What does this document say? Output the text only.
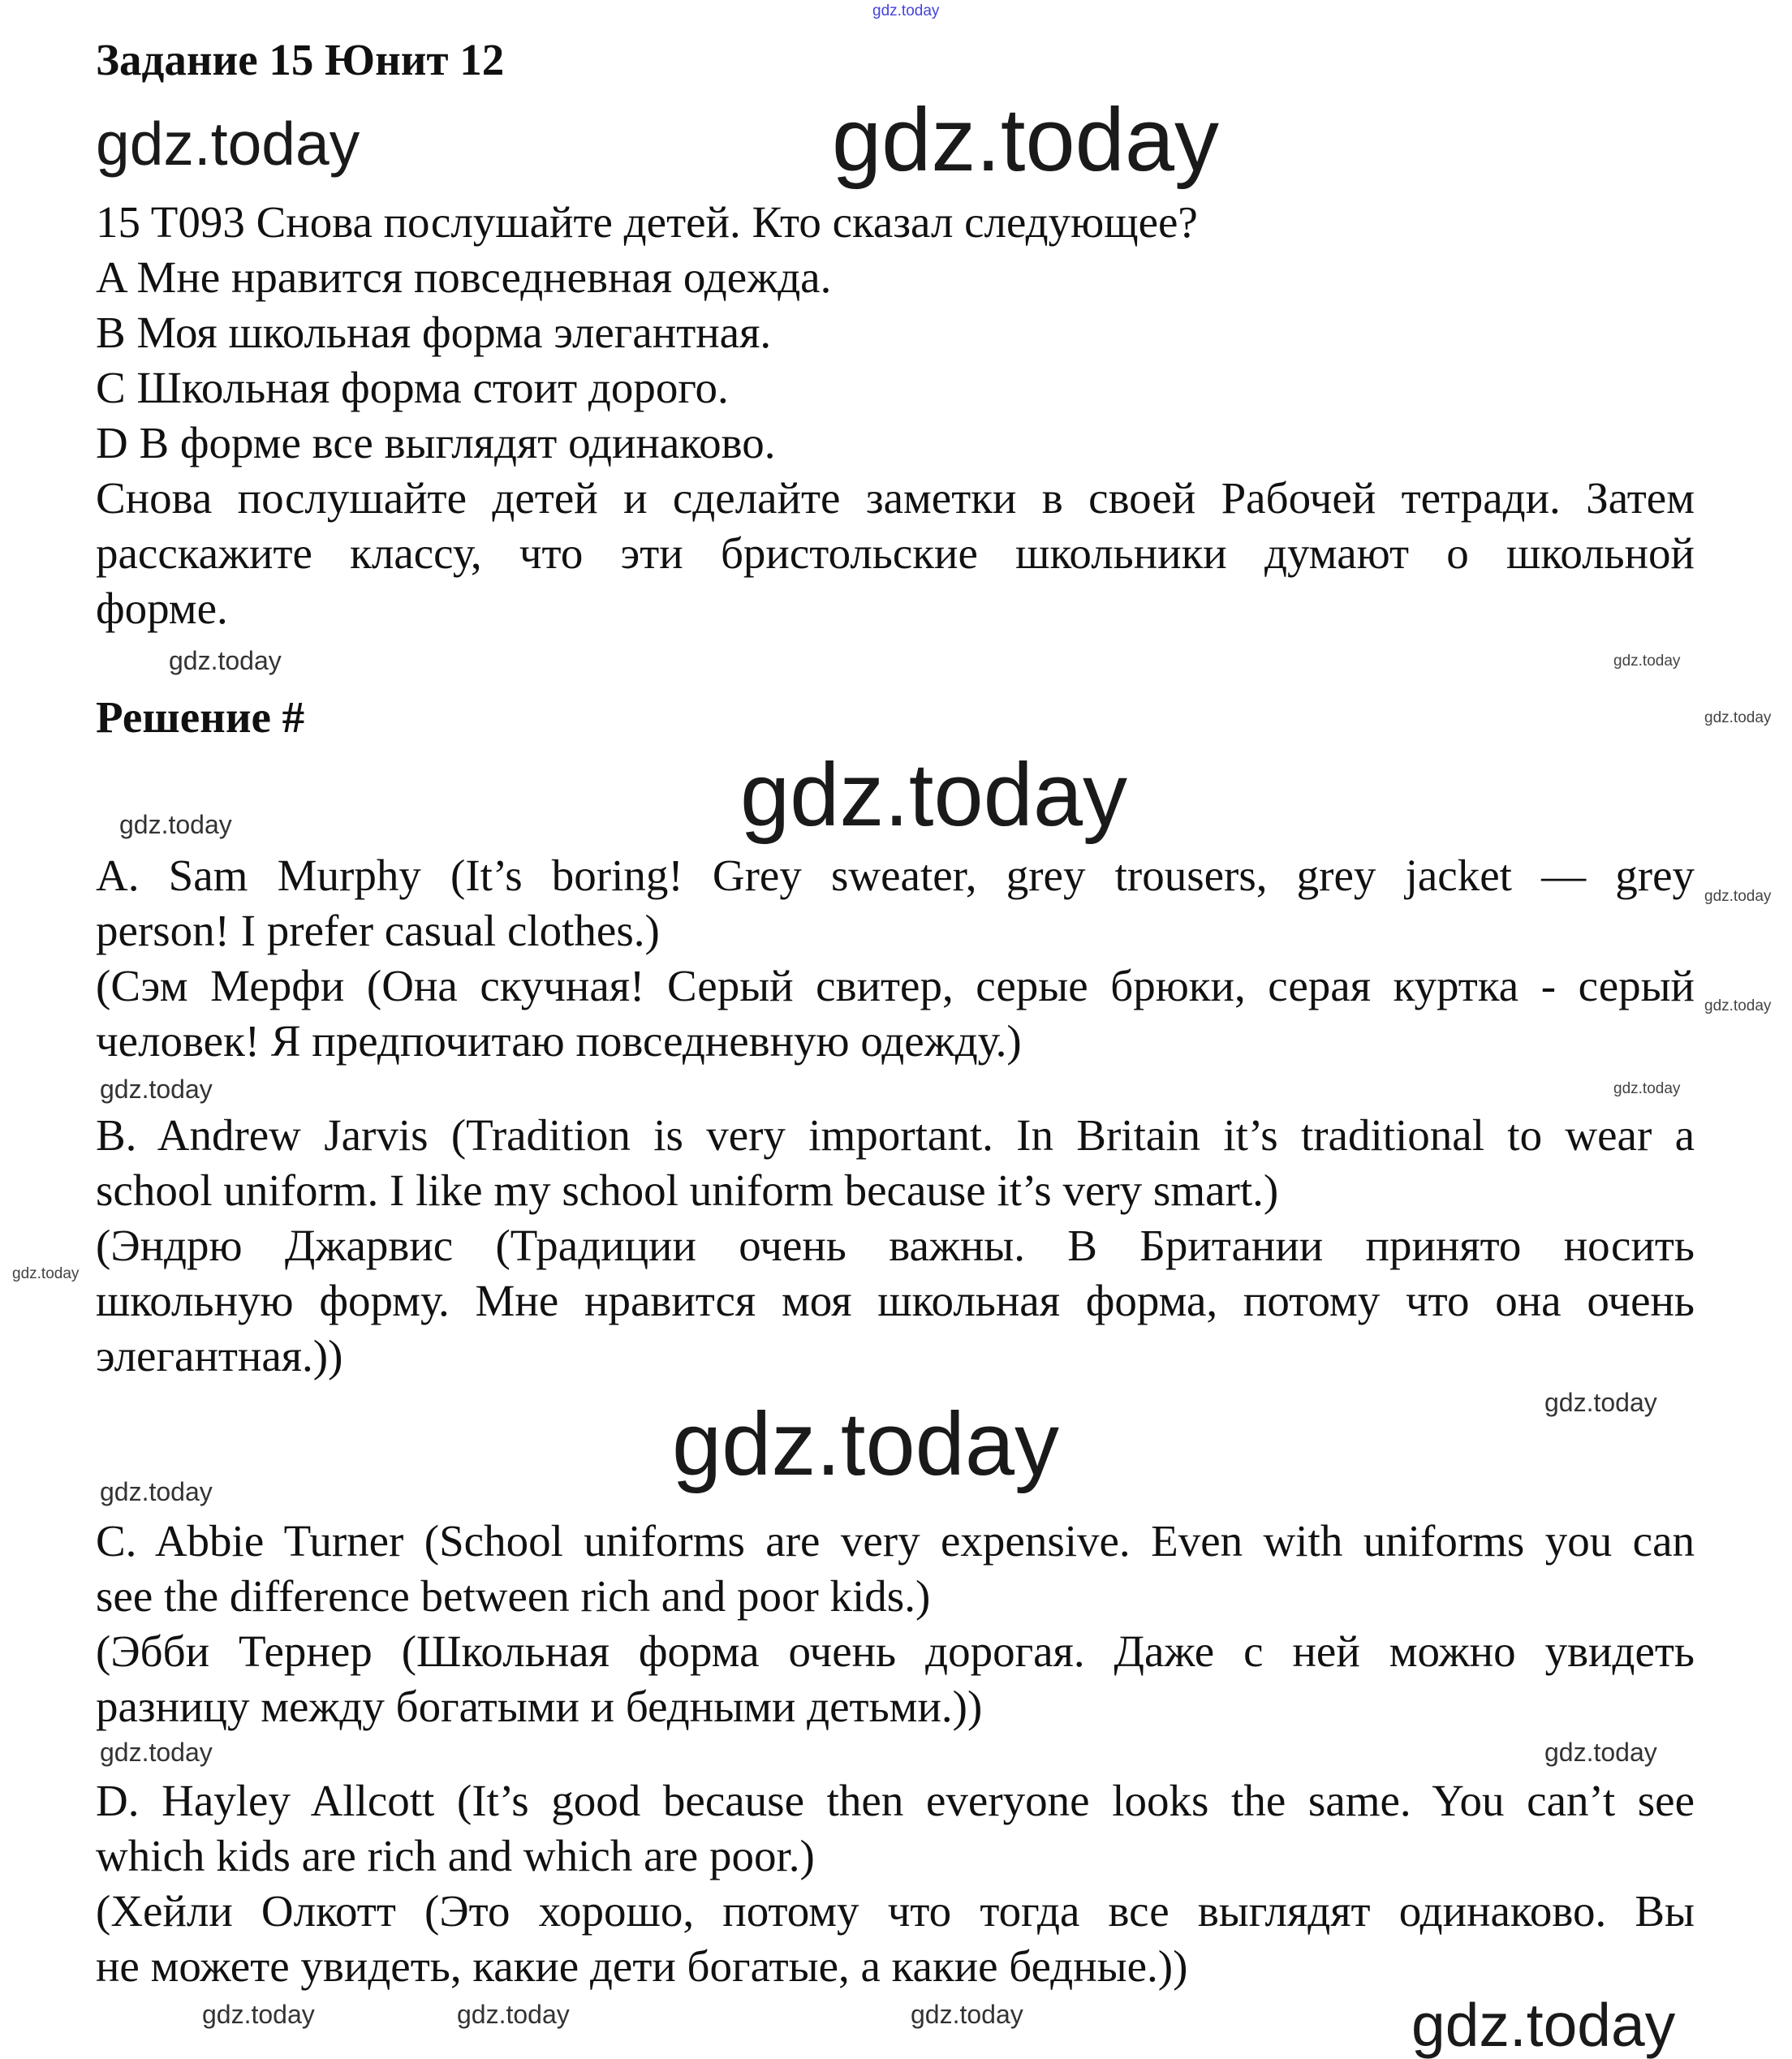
gdz.today
gdz.today	gdz.today
gdz.today	gdz.today
gdz.today
gdz.today
gdz.today
gdz.today
gdz.today
gdz.today	gdz.today
gdz.today
gdz.today
gdz.today
gdz.today
gdz.today
gdz.today
gdz.today	gdz.today	gdz.today	gdz.today
Задание 15 Юнит 12
15 T093 Снова послушайте детей. Кто сказал следующее?
A Мне нравится повседневная одежда.
B Моя школьная форма элегантная.
C Школьная форма стоит дорого.
D В форме все выглядят одинаково.
Снова послушайте детей и сделайте заметки в своей Рабочей тетради. Затем
расскажите классу, что эти бристольские школьники думают о школьной
форме.
Решение #
A. Sam Murphy (It’s boring! Grey sweater, grey trousers, grey jacket — grey
person! I prefer casual clothes.)
(Сэм Мерфи (Она скучная! Серый свитер, серые брюки, серая куртка - серый
человек! Я предпочитаю повседневную одежду.)
B. Andrew Jarvis (Tradition is very important. In Britain it’s traditional to wear a
school uniform. I like my school uniform because it’s very smart.)
(Эндрю Джарвис (Традиции очень важны. В Британии принято носить
школьную форму. Мне нравится моя школьная форма, потому что она очень
элегантная.))
C. Abbie Turner (School uniforms are very expensive. Even with uniforms you can
see the difference between rich and poor kids.)
(Эбби Тернер (Школьная форма очень дорогая. Даже с ней можно увидеть
разницу между богатыми и бедными детьми.))
D. Hayley Allcott (It’s good because then everyone looks the same. You can’t see
which kids are rich and which are poor.)
(Хейли Олкотт (Это хорошо, потому что тогда все выглядят одинаково. Вы
не можете увидеть, какие дети богатые, а какие бедные.))
